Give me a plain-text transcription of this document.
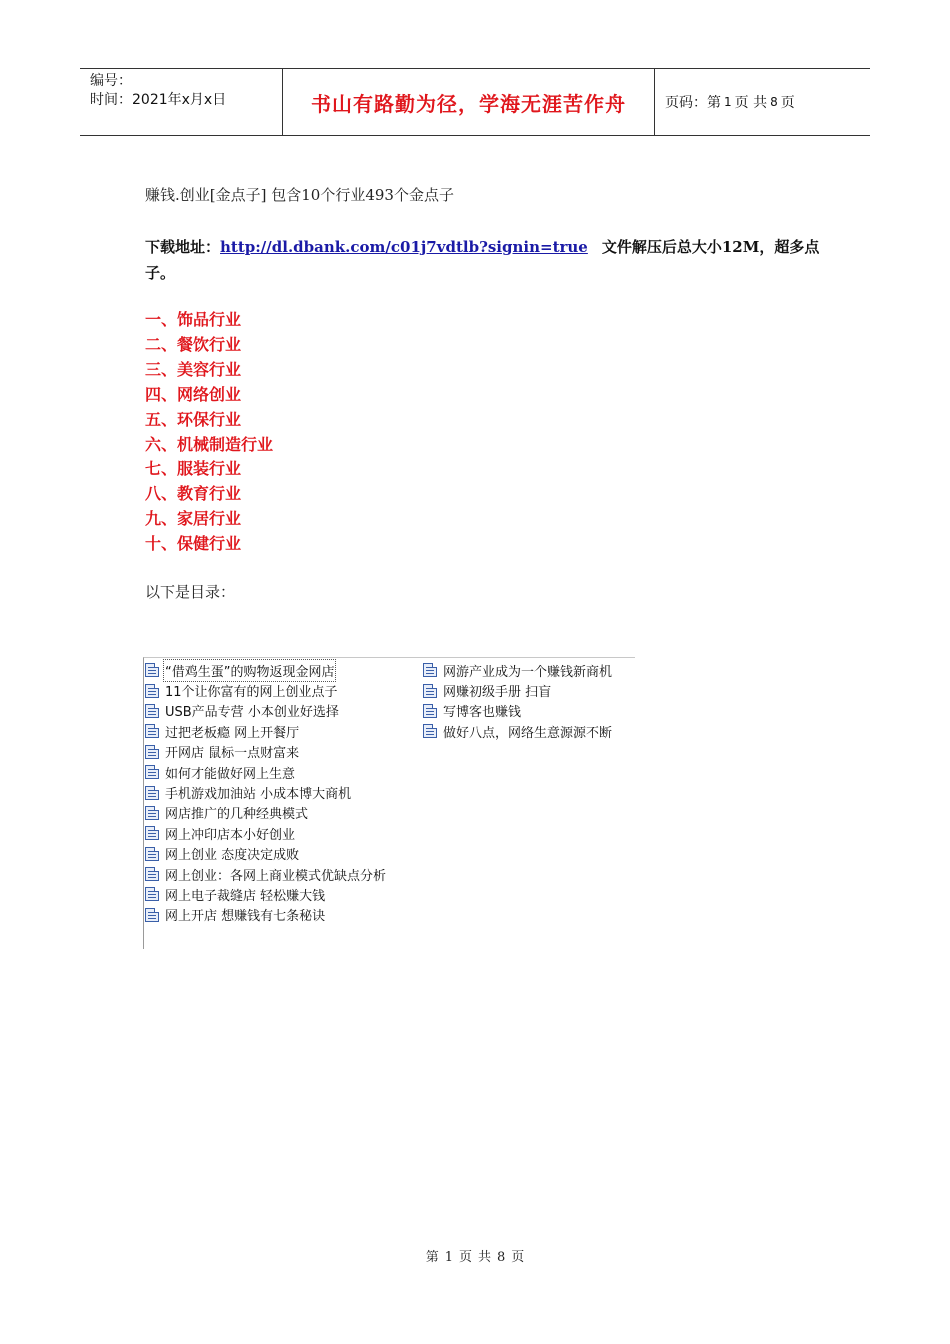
编号：
时间：2021年x月x日	书山有路勤为径，学海无涯苦作舟	页码：第 1 页 共 8 页

赚钱.创业[金点子] 包含10个行业493个金点子

下载地址：http://dl.dbank.com/c01j7vdtlb?signin=true 文件解压后总大小12M，超多点子。

一、饰品行业
二、餐饮行业
三、美容行业
四、网络创业
五、环保行业
六、机械制造行业
七、服装行业
八、教育行业
九、家居行业
十、保健行业

以下是目录：

“借鸡生蛋”的购物返现金网店
11个让你富有的网上创业点子
USB产品专营 小本创业好选择
过把老板瘾 网上开餐厅
开网店 鼠标一点财富来
如何才能做好网上生意
手机游戏加油站 小成本博大商机
网店推广的几种经典模式
网上冲印店本小好创业
网上创业 态度决定成败
网上创业：各网上商业模式优缺点分析
网上电子裁缝店 轻松赚大钱
网上开店 想赚钱有七条秘诀
网游产业成为一个赚钱新商机
网赚初级手册 扫盲
写博客也赚钱
做好八点，网络生意源源不断
第 1 页 共 8 页
